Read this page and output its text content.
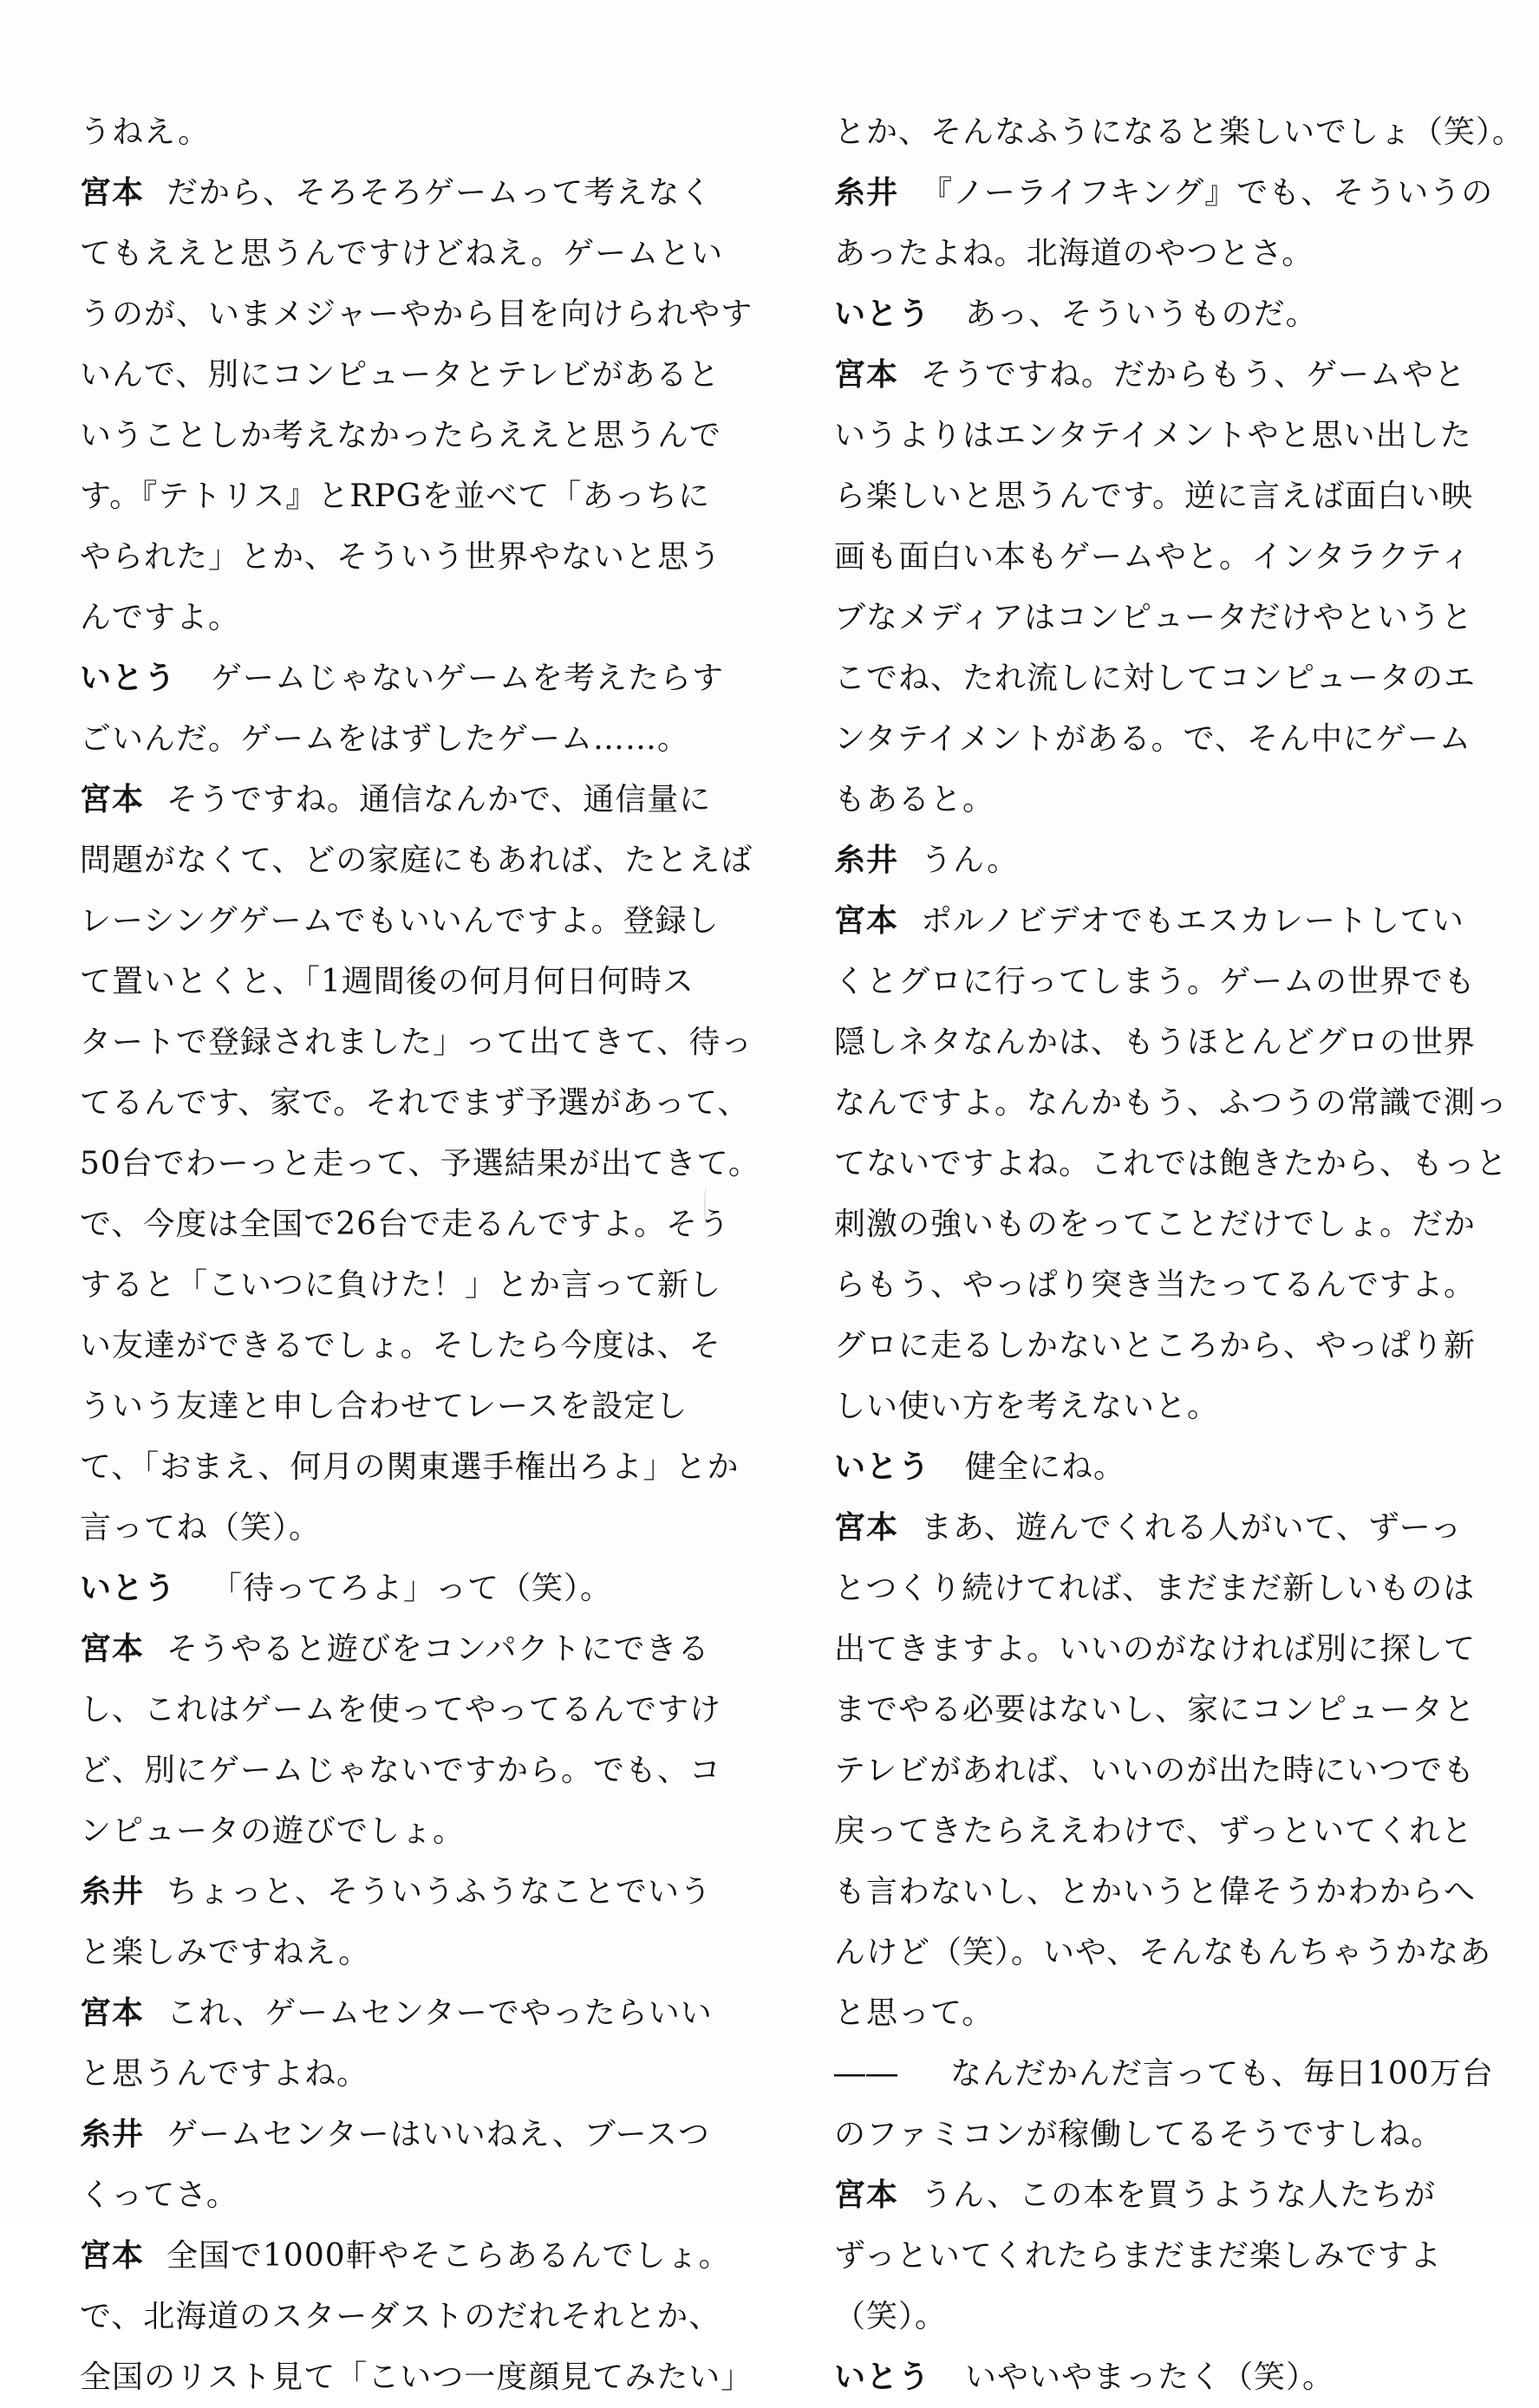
うねえ。
宮本 だから、そろそろゲームって考えなく
てもええと思うんですけどねえ。ゲームとい
うのが、いまメジャーやから目を向けられやす
いんで、別にコンピュータとテレビがあると
いうことしか考えなかったらええと思うんで
す。『テトリス』とRPGを並べて「あっちに
やられた」とか、そういう世界やないと思う
んですよ。
いとう ゲームじゃないゲームを考えたらす
ごいんだ。ゲームをはずしたゲーム……。
宮本 そうですね。通信なんかで、通信量に
問題がなくて、どの家庭にもあれば、たとえば
レーシングゲームでもいいんですよ。登録し
て置いとくと、「1週間後の何月何日何時ス
タートで登録されました」って出てきて、待っ
てるんです、家で。それでまず予選があって、
50台でわーっと走って、予選結果が出てきて。
で、今度は全国で26台で走るんですよ。そう
すると「こいつに負けた！」とか言って新し
い友達ができるでしょ。そしたら今度は、そ
ういう友達と申し合わせてレースを設定し
て、「おまえ、何月の関東選手権出ろよ」とか
言ってね（笑）。
いとう 「待ってろよ」って（笑）。
宮本 そうやると遊びをコンパクトにできる
し、これはゲームを使ってやってるんですけ
ど、別にゲームじゃないですから。でも、コ
ンピュータの遊びでしょ。
糸井 ちょっと、そういうふうなことでいう
と楽しみですねえ。
宮本 これ、ゲームセンターでやったらいい
と思うんですよね。
糸井 ゲームセンターはいいねえ、ブースつ
くってさ。
宮本 全国で1000軒やそこらあるんでしょ。
で、北海道のスターダストのだれそれとか、
全国のリスト見て「こいつ一度顔見てみたい」
とか、そんなふうになると楽しいでしょ（笑）。
糸井 『ノーライフキング』でも、そういうの
あったよね。北海道のやつとさ。
いとう あっ、そういうものだ。
宮本 そうですね。だからもう、ゲームやと
いうよりはエンタテイメントやと思い出した
ら楽しいと思うんです。逆に言えば面白い映
画も面白い本もゲームやと。インタラクティ
ブなメディアはコンピュータだけやというと
こでね、たれ流しに対してコンピュータのエ
ンタテイメントがある。で、そん中にゲーム
もあると。
糸井 うん。
宮本 ポルノビデオでもエスカレートしてい
くとグロに行ってしまう。ゲームの世界でも
隠しネタなんかは、もうほとんどグロの世界
なんですよ。なんかもう、ふつうの常識で測っ
てないですよね。これでは飽きたから、もっと
刺激の強いものをってことだけでしょ。だか
らもう、やっぱり突き当たってるんですよ。
グロに走るしかないところから、やっぱり新
しい使い方を考えないと。
いとう 健全にね。
宮本 まあ、遊んでくれる人がいて、ずーっ
とつくり続けてれば、まだまだ新しいものは
出てきますよ。いいのがなければ別に探して
までやる必要はないし、家にコンピュータと
テレビがあれば、いいのが出た時にいつでも
戻ってきたらええわけで、ずっといてくれと
も言わないし、とかいうと偉そうかわからへ
んけど（笑）。いや、そんなもんちゃうかなあ
と思って。
―― なんだかんだ言っても、毎日100万台
のファミコンが稼働してるそうですしね。
宮本 うん、この本を買うような人たちが
ずっといてくれたらまだまだ楽しみですよ
（笑）。
いとう いやいやまったく（笑）。
